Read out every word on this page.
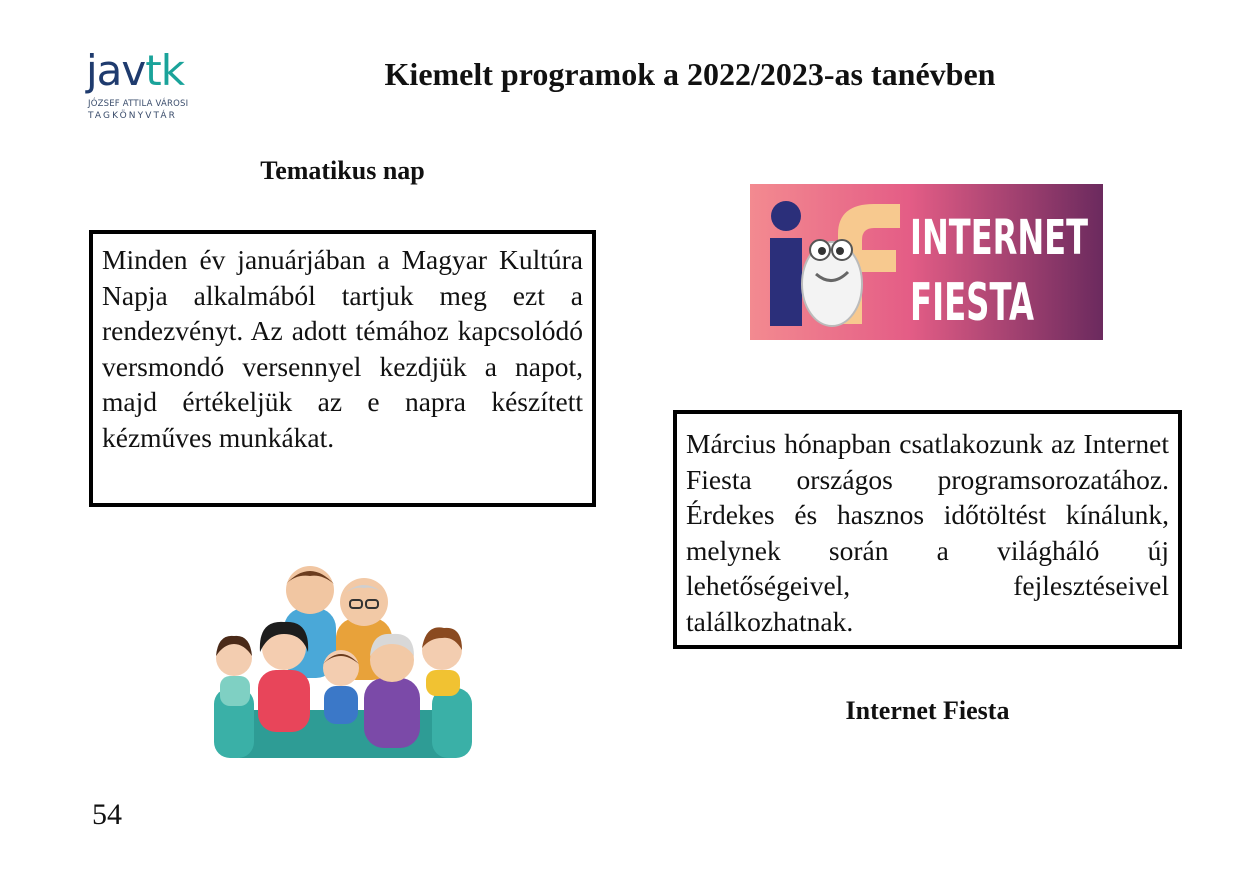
javtk
JÓZSEF ATTILA VÁROSI
TAGKÖNYVTÁR
Kiemelt programok a 2022/2023-as tanévben
Tematikus nap
Minden év januárjában a Magyar Kultúra Napja alkalmából tartjuk meg ezt a rendezvényt. Az adott témához kapcsolódó versmondó versennyel kezdjük a napot, majd értékeljük az e napra készített kézműves munkákat.
INTERNET
FIESTA
Március hónapban csatlakozunk az Internet Fiesta országos programsorozatához. Érdekes és hasznos időtöltést kínálunk, melynek során a világháló új lehetőségeivel, fejlesztéseivel találkozhatnak.
Internet Fiesta
54
